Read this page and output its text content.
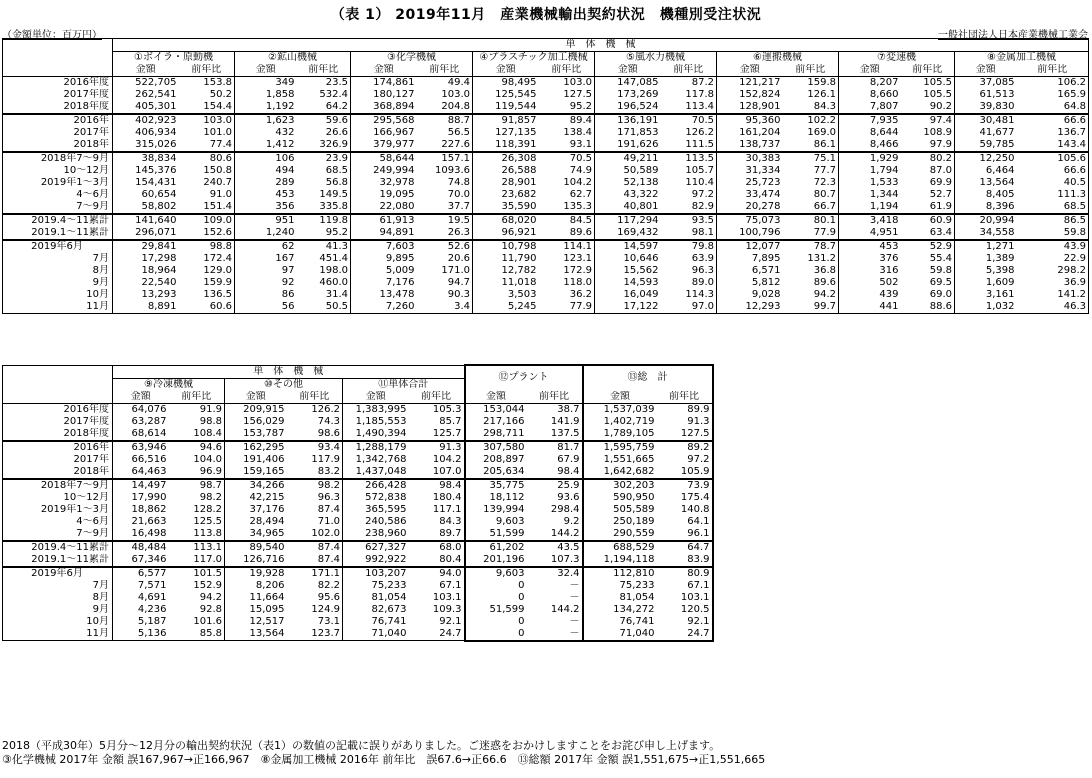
（表 1） 2019年11月　産業機械輸出契約状況　機種別受注状況
（金額単位：百万円）	一般社団法人日本産業機械工業会
	単　体　機　械															
	①ボイラ・原動機		②鉱山機械		③化学機械		④プラスチック加工機械		⑤風水力機械		⑥運搬機械		⑦変速機		⑧金属加工機械	
	金額	前年比	金額	前年比	金額	前年比	金額	前年比	金額	前年比	金額	前年比	金額	前年比	金額	前年比
2016年度	522,705	153.8	349	23.5	174,861	49.4	98,495	103.0	147,085	87.2	121,217	159.8	8,207	105.5	37,085	106.2
2017年度	262,541	50.2	1,858	532.4	180,127	103.0	125,545	127.5	173,269	117.8	152,824	126.1	8,660	105.5	61,513	165.9
2018年度	405,301	154.4	1,192	64.2	368,894	204.8	119,544	95.2	196,524	113.4	128,901	84.3	7,807	90.2	39,830	64.8
2016年	402,923	103.0	1,623	59.6	295,568	88.7	91,857	89.4	136,191	70.5	95,360	102.2	7,935	97.4	30,481	66.6
2017年	406,934	101.0	432	26.6	166,967	56.5	127,135	138.4	171,853	126.2	161,204	169.0	8,644	108.9	41,677	136.7
2018年	315,026	77.4	1,412	326.9	379,977	227.6	118,391	93.1	191,626	111.5	138,737	86.1	8,466	97.9	59,785	143.4
2018年7～9月	38,834	80.6	106	23.9	58,644	157.1	26,308	70.5	49,211	113.5	30,383	75.1	1,929	80.2	12,250	105.6
10～12月	145,376	150.8	494	68.5	249,994	1093.6	26,588	74.9	50,589	105.7	31,334	77.7	1,794	87.0	6,464	66.6
2019年1～3月	154,431	240.7	289	56.8	32,978	74.8	28,901	104.2	52,138	110.4	25,723	72.3	1,533	69.9	13,564	40.5
4～6月	60,654	91.0	453	149.5	19,095	70.0	23,682	62.7	43,322	97.2	33,474	80.7	1,344	52.7	8,405	111.3
7～9月	58,802	151.4	356	335.8	22,080	37.7	35,590	135.3	40,801	82.9	20,278	66.7	1,194	61.9	8,396	68.5
2019.4～11累計	141,640	109.0	951	119.8	61,913	19.5	68,020	84.5	117,294	93.5	75,073	80.1	3,418	60.9	20,994	86.5
2019.1～11累計	296,071	152.6	1,240	95.2	94,891	26.3	96,921	89.6	169,432	98.1	100,796	77.9	4,951	63.4	34,558	59.8
2019年6月	29,841	98.8	62	41.3	7,603	52.6	10,798	114.1	14,597	79.8	12,077	78.7	453	52.9	1,271	43.9
7月	17,298	172.4	167	451.4	9,895	20.6	11,790	123.1	10,646	63.9	7,895	131.2	376	55.4	1,389	22.9
8月	18,964	129.0	97	198.0	5,009	171.0	12,782	172.9	15,562	96.3	6,571	36.8	316	59.8	5,398	298.2
9月	22,540	159.9	92	460.0	7,176	94.7	11,018	118.0	14,593	89.0	5,812	89.6	502	69.5	1,609	36.9
10月	13,293	136.5	86	31.4	13,478	90.3	3,503	36.2	16,049	114.3	9,028	94.2	439	69.0	3,161	141.2
11月	8,891	60.6	56	50.5	7,260	3.4	5,245	77.9	17,122	97.0	12,293	99.7	441	88.6	1,032	46.3
	単　体　機　械						⑫プラント		⑬総　計	
	⑨冷凍機械		⑩その他		⑪単体合計					
	金額	前年比	金額	前年比	金額	前年比	金額	前年比	金額	前年比
2016年度	64,076	91.9	209,915	126.2	1,383,995	105.3	153,044	38.7	1,537,039	89.9
2017年度	63,287	98.8	156,029	74.3	1,185,553	85.7	217,166	141.9	1,402,719	91.3
2018年度	68,614	108.4	153,787	98.6	1,490,394	125.7	298,711	137.5	1,789,105	127.5
2016年	63,946	94.6	162,295	93.4	1,288,179	91.3	307,580	81.7	1,595,759	89.2
2017年	66,516	104.0	191,406	117.9	1,342,768	104.2	208,897	67.9	1,551,665	97.2
2018年	64,463	96.9	159,165	83.2	1,437,048	107.0	205,634	98.4	1,642,682	105.9
2018年7～9月	14,497	98.7	34,266	98.2	266,428	98.4	35,775	25.9	302,203	73.9
10～12月	17,990	98.2	42,215	96.3	572,838	180.4	18,112	93.6	590,950	175.4
2019年1～3月	18,862	128.2	37,176	87.4	365,595	117.1	139,994	298.4	505,589	140.8
4～6月	21,663	125.5	28,494	71.0	240,586	84.3	9,603	9.2	250,189	64.1
7～9月	16,498	113.8	34,965	102.0	238,960	89.7	51,599	144.2	290,559	96.1
2019.4～11累計	48,484	113.1	89,540	87.4	627,327	68.0	61,202	43.5	688,529	64.7
2019.1～11累計	67,346	117.0	126,716	87.4	992,922	80.4	201,196	107.3	1,194,118	83.9
2019年6月	6,577	101.5	19,928	171.1	103,207	94.0	9,603	32.4	112,810	80.9
7月	7,571	152.9	8,206	82.2	75,233	67.1	0	－	75,233	67.1
8月	4,691	94.2	11,664	95.6	81,054	103.1	0	－	81,054	103.1
9月	4,236	92.8	15,095	124.9	82,673	109.3	51,599	144.2	134,272	120.5
10月	5,187	101.6	12,517	73.1	76,741	92.1	0	－	76,741	92.1
11月	5,136	85.8	13,564	123.7	71,040	24.7	0	－	71,040	24.7
2018（平成30年）5月分～12月分の輸出契約状況（表1）の数値の記載に誤りがありました。ご迷惑をおかけしますことをお詫び申し上げます。
③化学機械 2017年 金額 誤167,967→正166,967　⑧金属加工機械 2016年 前年比　誤67.6→正66.6　⑬総額 2017年 金額 誤1,551,675→正1,551,665
